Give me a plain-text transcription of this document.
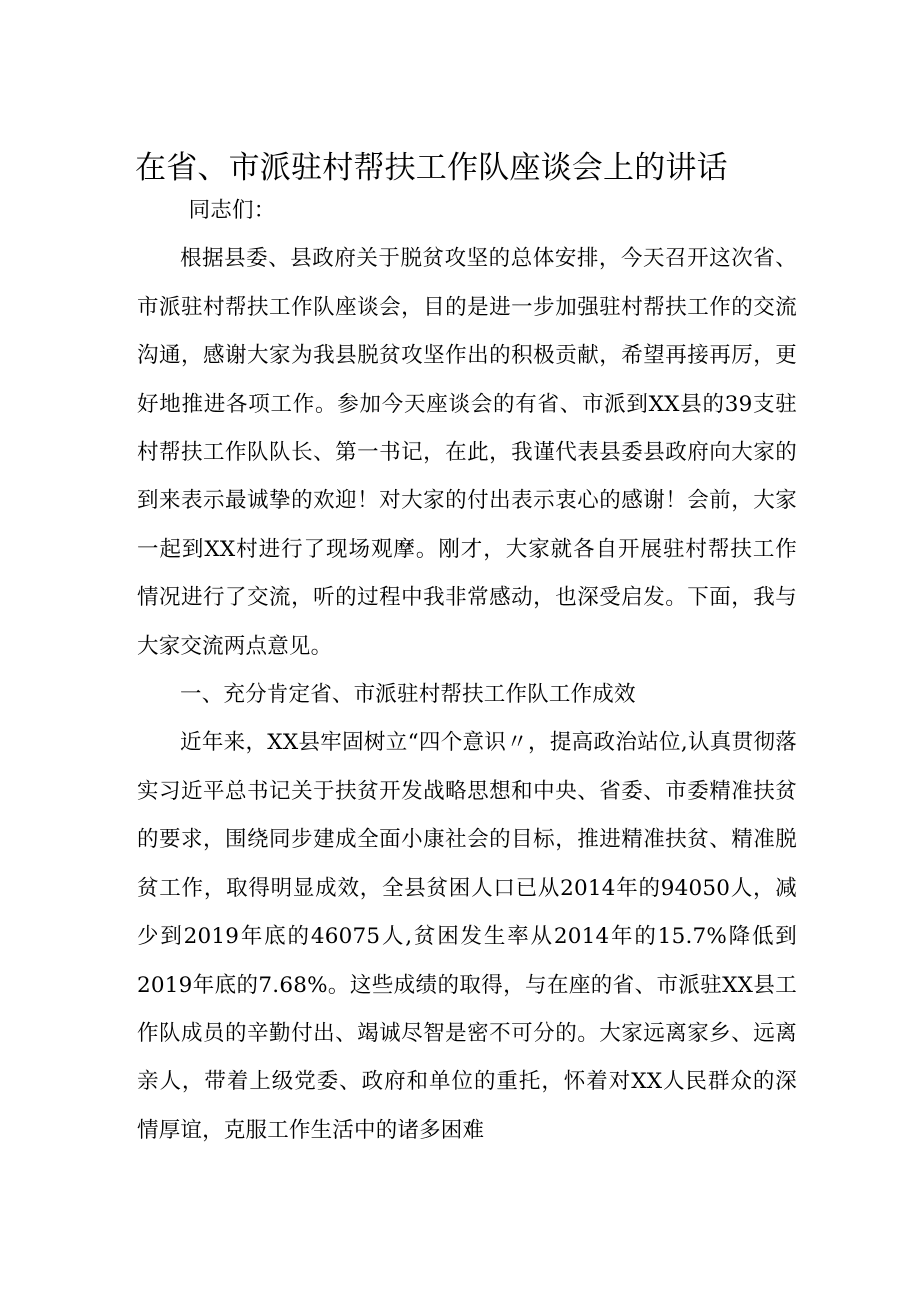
在省、市派驻村帮扶工作队座谈会上的讲话

同志们：

根据县委、县政府关于脱贫攻坚的总体安排，今天召开这次省、市派驻村帮扶工作队座谈会，目的是进一步加强驻村帮扶工作的交流沟通，感谢大家为我县脱贫攻坚作出的积极贡献，希望再接再厉，更好地推进各项工作。参加今天座谈会的有省、市派到XX县的39支驻村帮扶工作队队长、第一书记，在此，我谨代表县委县政府向大家的到来表示最诚挚的欢迎！对大家的付出表示衷心的感谢！会前，大家一起到XX村进行了现场观摩。刚才，大家就各自开展驻村帮扶工作情况进行了交流，听的过程中我非常感动，也深受启发。下面，我与大家交流两点意见。

一、充分肯定省、市派驻村帮扶工作队工作成效

近年来，XX县牢固树立“四个意识〃，提高政治站位,认真贯彻落实习近平总书记关于扶贫开发战略思想和中央、省委、市委精准扶贫的要求，围绕同步建成全面小康社会的目标，推进精准扶贫、精准脱贫工作，取得明显成效，全县贫困人口已从2014年的94050人，减少到2019年底的46075人,贫困发生率从2014年的15.7%降低到2019年底的7.68%。这些成绩的取得，与在座的省、市派驻XX县工作队成员的辛勤付出、竭诚尽智是密不可分的。大家远离家乡、远离亲人，带着上级党委、政府和单位的重托，怀着对XX人民群众的深情厚谊，克服工作生活中的诸多困难
